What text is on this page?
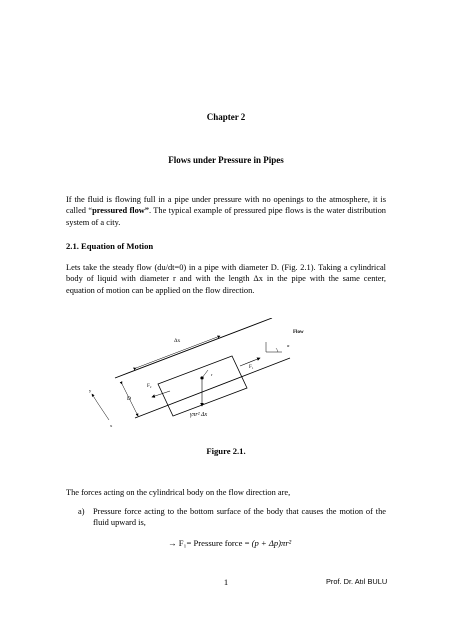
Chapter 2
Flows under Pressure in Pipes
If the fluid is flowing full in a pipe under pressure with no openings to the atmosphere, it is called “pressured flow”. The typical example of pressured pipe flows is the water distribution system of a city.
2.1. Equation of Motion
Lets take the steady flow (du/dt=0) in a pipe with diameter D. (Fig. 2.1). Taking a cylindrical body of liquid with diameter r and with the length Δx in the pipe with the same center, equation of motion can be applied on the flow direction.
Δx
D
r
F₂
F₁
γπr² Δx
α
Flow
y
x
Figure 2.1.
The forces acting on the cylindrical body on the flow direction are,
a) Pressure force acting to the bottom surface of the body that causes the motion of the fluid upward is,
→ F₁= Pressure force = (p + Δp)πr²
1	Prof. Dr. Atıl BULU
